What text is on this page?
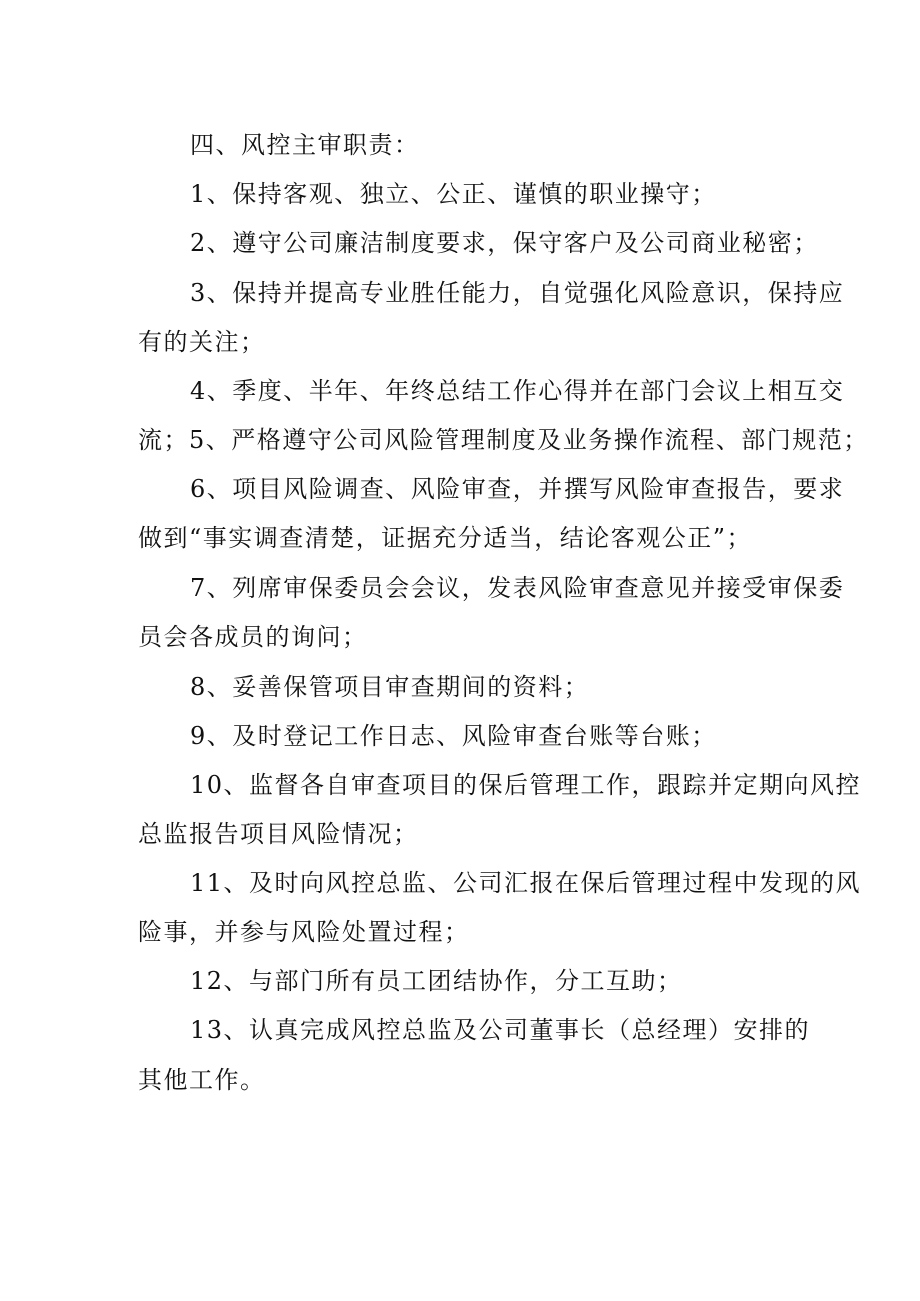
四、风控主审职责：
1、保持客观、独立、公正、谨慎的职业操守；
2、遵守公司廉洁制度要求，保守客户及公司商业秘密；
3、保持并提高专业胜任能力，自觉强化风险意识，保持应
有的关注；
4、季度、半年、年终总结工作心得并在部门会议上相互交
流；5、严格遵守公司风险管理制度及业务操作流程、部门规范；
6、项目风险调查、风险审查，并撰写风险审查报告，要求
做到“事实调查清楚，证据充分适当，结论客观公正”；
7、列席审保委员会会议，发表风险审查意见并接受审保委
员会各成员的询问；
8、妥善保管项目审查期间的资料；
9、及时登记工作日志、风险审查台账等台账；
10、监督各自审查项目的保后管理工作，跟踪并定期向风控
总监报告项目风险情况；
11、及时向风控总监、公司汇报在保后管理过程中发现的风
险事，并参与风险处置过程；
12、与部门所有员工团结协作，分工互助；
13、认真完成风控总监及公司董事长（总经理）安排的
其他工作。
